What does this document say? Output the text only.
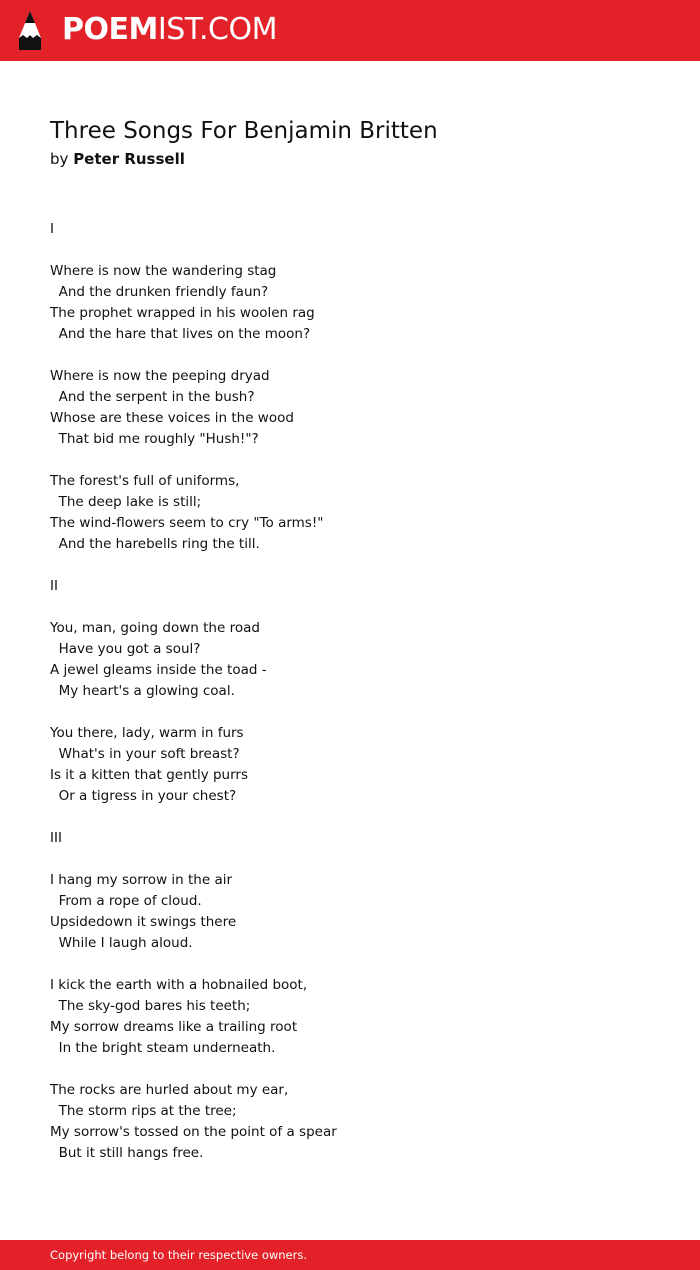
POEMIST.COM
Three Songs For Benjamin Britten
by Peter Russell
I

Where is now the wandering stag
And the drunken friendly faun?
The prophet wrapped in his woolen rag
And the hare that lives on the moon?

Where is now the peeping dryad
And the serpent in the bush?
Whose are these voices in the wood
That bid me roughly "Hush!"?

The forest's full of uniforms,
The deep lake is still;
The wind-flowers seem to cry "To arms!"
And the harebells ring the till.

II

You, man, going down the road
Have you got a soul?
A jewel gleams inside the toad -
My heart's a glowing coal.

You there, lady, warm in furs
What's in your soft breast?
Is it a kitten that gently purrs
Or a tigress in your chest?

III

I hang my sorrow in the air
From a rope of cloud.
Upsidedown it swings there
While I laugh aloud.

I kick the earth with a hobnailed boot,
The sky-god bares his teeth;
My sorrow dreams like a trailing root
In the bright steam underneath.

The rocks are hurled about my ear,
The storm rips at the tree;
My sorrow's tossed on the point of a spear
But it still hangs free.
Copyright belong to their respective owners.
